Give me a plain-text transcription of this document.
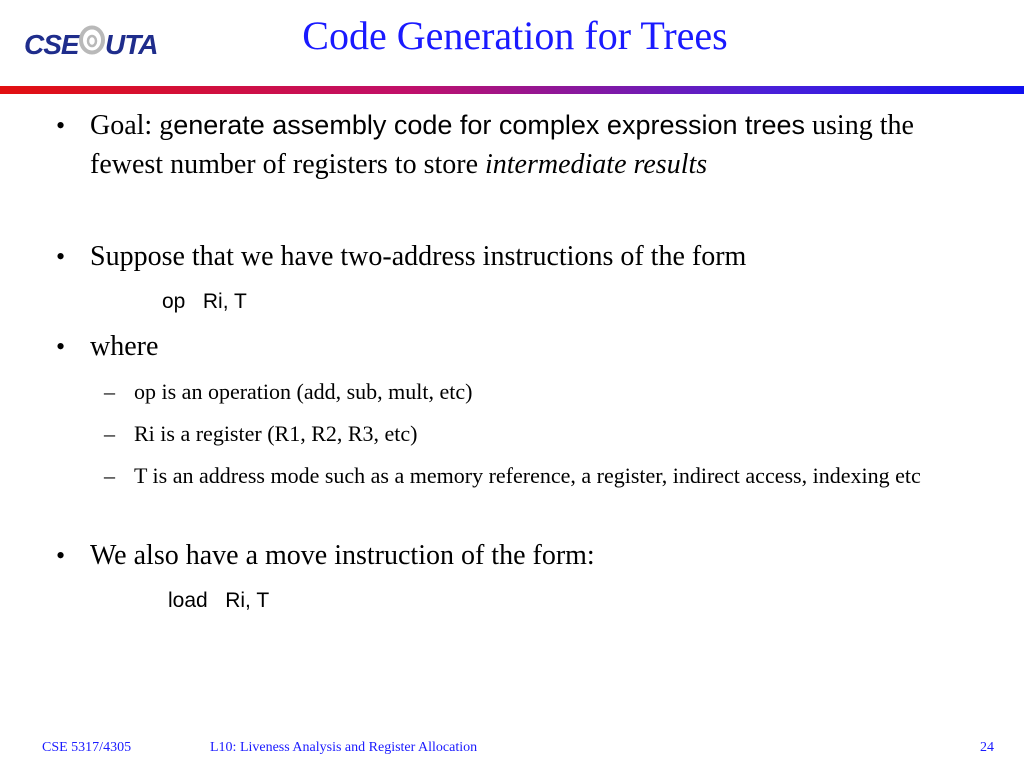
CSE UTA	Code Generation for Trees
• Goal: generate assembly code for complex expression trees using the fewest number of registers to store intermediate results
• Suppose that we have two-address instructions of the form
op   Ri, T
• where
– op is an operation (add, sub, mult, etc)
– Ri is a register (R1, R2, R3, etc)
– T is an address mode such as a memory reference, a register, indirect access, indexing etc
• We also have a move instruction of the form:
load   Ri, T
CSE 5317/4305	L10: Liveness Analysis and Register Allocation	24
